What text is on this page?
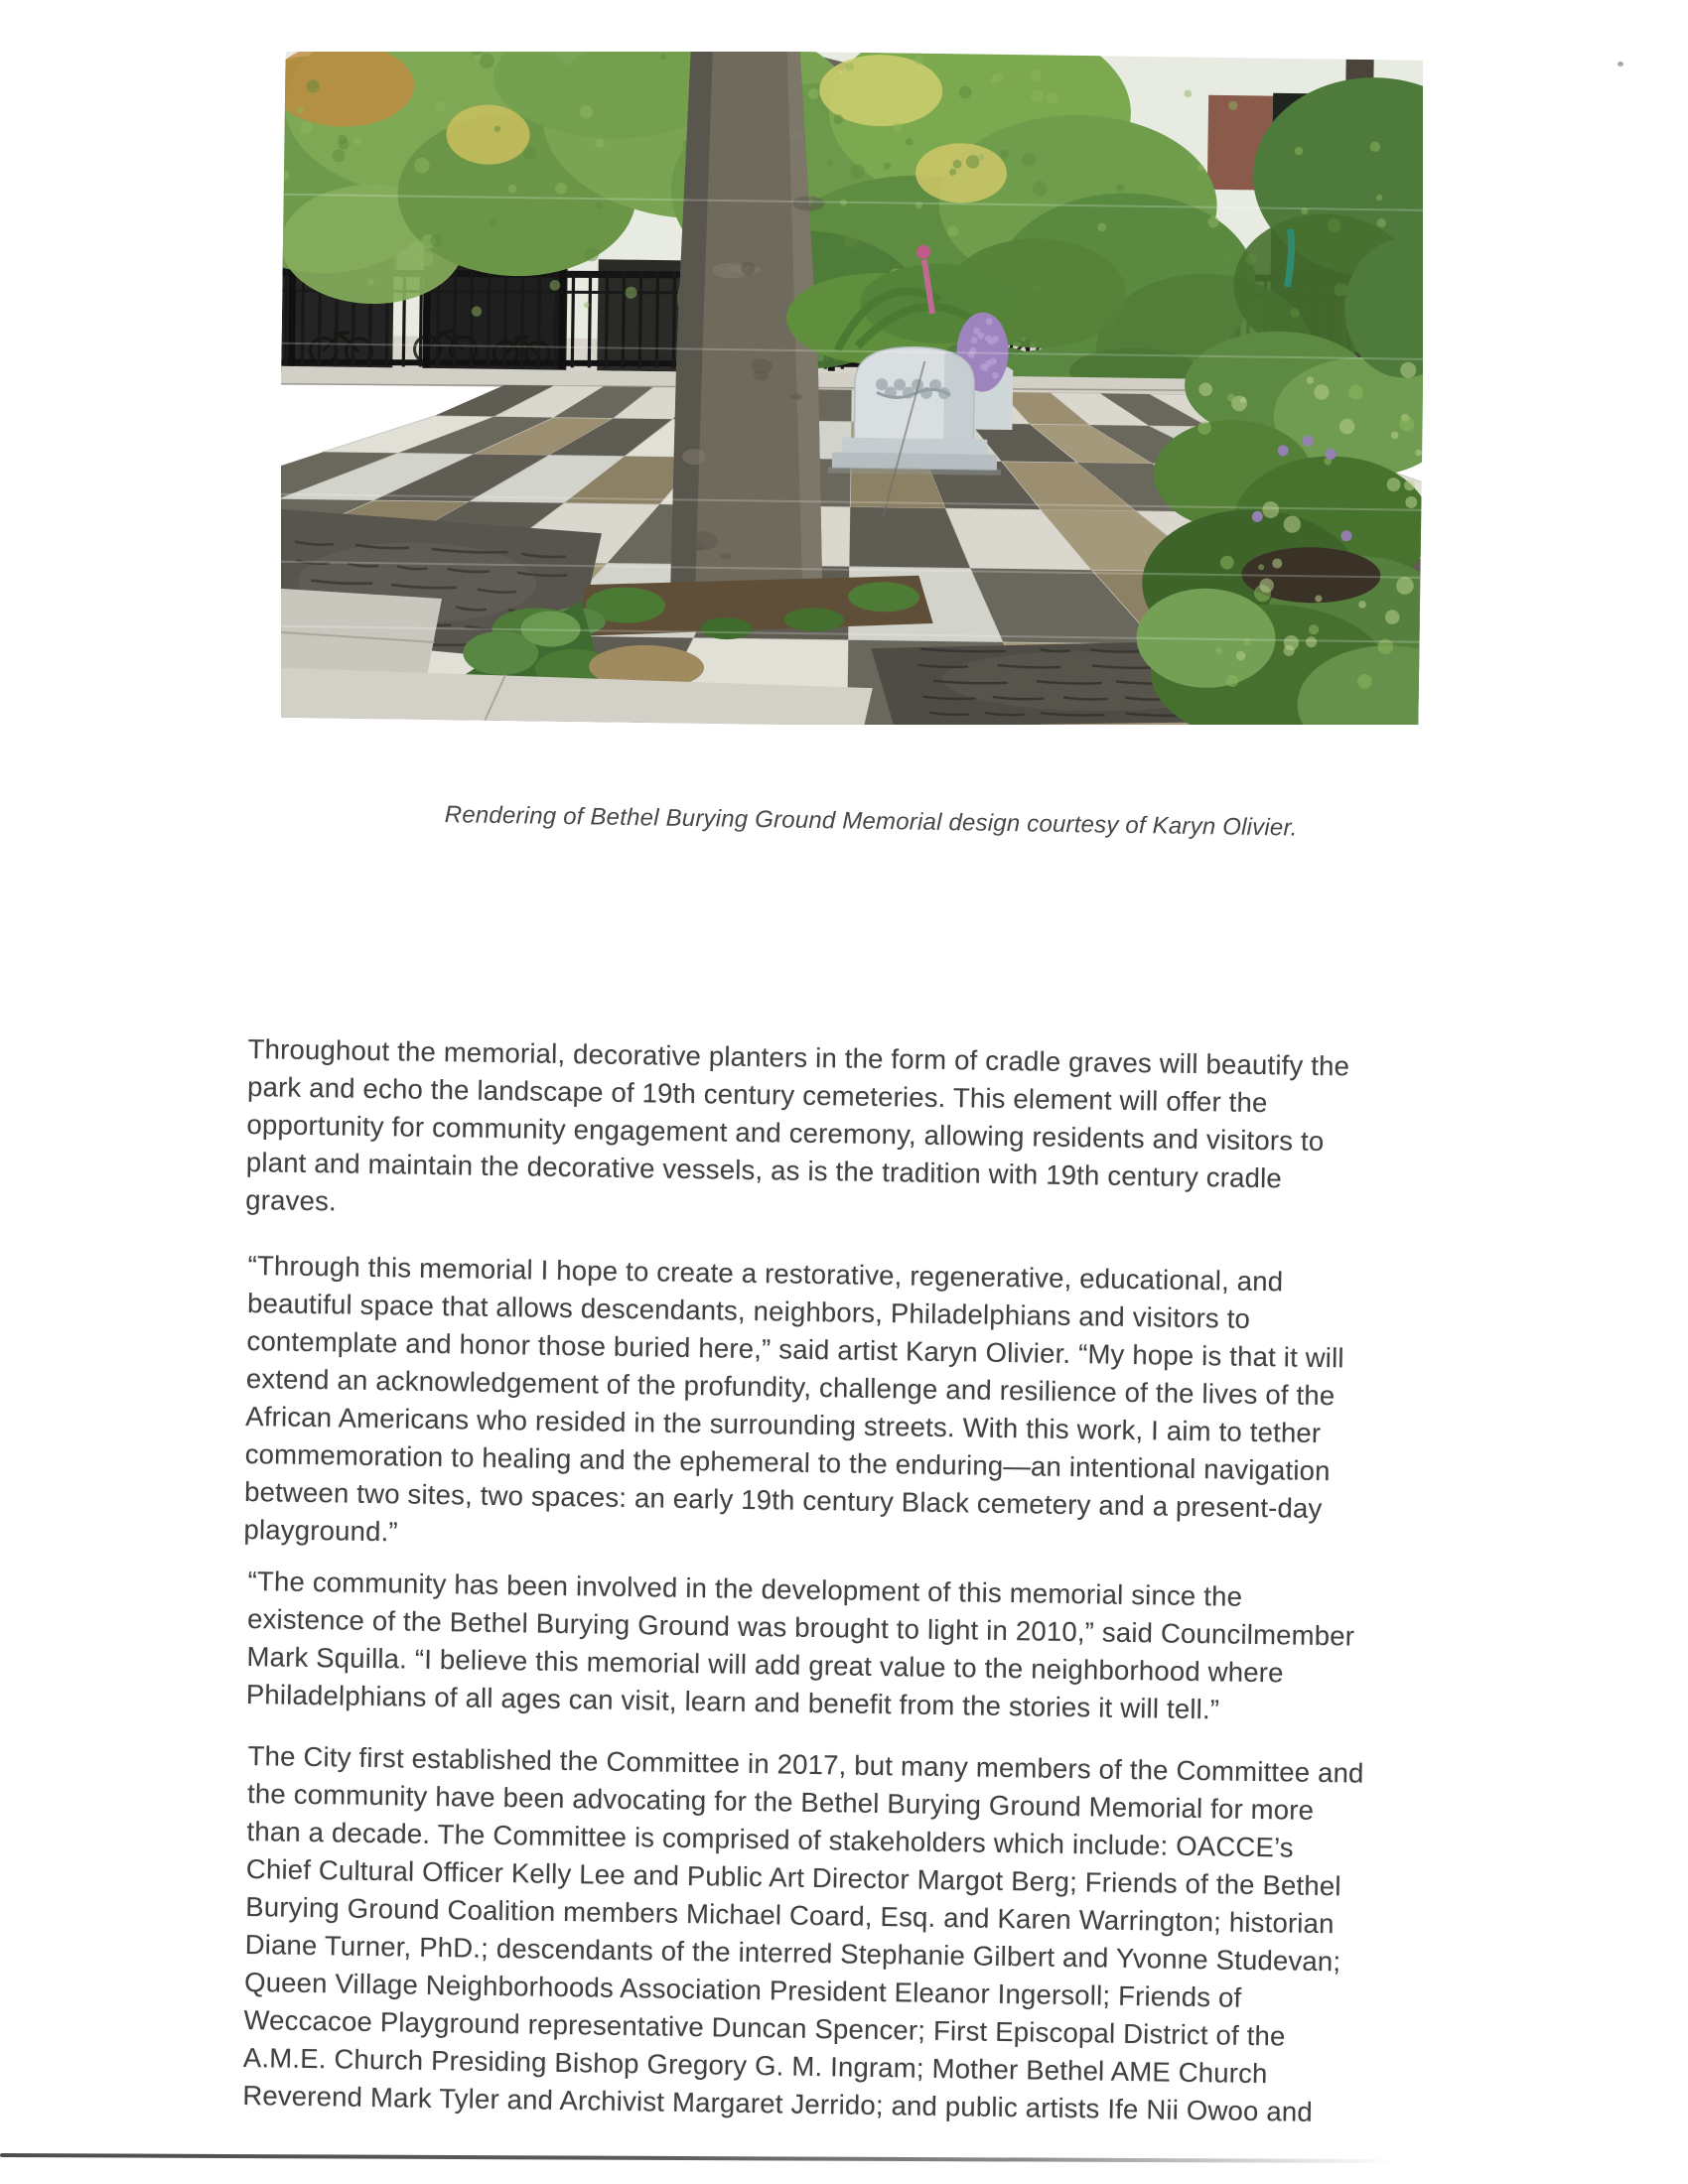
Rendering of Bethel Burying Ground Memorial design courtesy of Karyn Olivier.

Throughout the memorial, decorative planters in the form of cradle graves will beautify the
park and echo the landscape of 19th century cemeteries. This element will offer the
opportunity for community engagement and ceremony, allowing residents and visitors to
plant and maintain the decorative vessels, as is the tradition with 19th century cradle
graves.

“Through this memorial I hope to create a restorative, regenerative, educational, and
beautiful space that allows descendants, neighbors, Philadelphians and visitors to
contemplate and honor those buried here,” said artist Karyn Olivier. “My hope is that it will
extend an acknowledgement of the profundity, challenge and resilience of the lives of the
African Americans who resided in the surrounding streets. With this work, I aim to tether
commemoration to healing and the ephemeral to the enduring—an intentional navigation
between two sites, two spaces: an early 19th century Black cemetery and a present-day
playground.”

“The community has been involved in the development of this memorial since the
existence of the Bethel Burying Ground was brought to light in 2010,” said Councilmember
Mark Squilla. “I believe this memorial will add great value to the neighborhood where
Philadelphians of all ages can visit, learn and benefit from the stories it will tell.”

The City first established the Committee in 2017, but many members of the Committee and
the community have been advocating for the Bethel Burying Ground Memorial for more
than a decade. The Committee is comprised of stakeholders which include: OACCE’s
Chief Cultural Officer Kelly Lee and Public Art Director Margot Berg; Friends of the Bethel
Burying Ground Coalition members Michael Coard, Esq. and Karen Warrington; historian
Diane Turner, PhD.; descendants of the interred Stephanie Gilbert and Yvonne Studevan;
Queen Village Neighborhoods Association President Eleanor Ingersoll; Friends of
Weccacoe Playground representative Duncan Spencer; First Episcopal District of the
A.M.E. Church Presiding Bishop Gregory G. M. Ingram; Mother Bethel AME Church
Reverend Mark Tyler and Archivist Margaret Jerrido; and public artists Ife Nii Owoo and
